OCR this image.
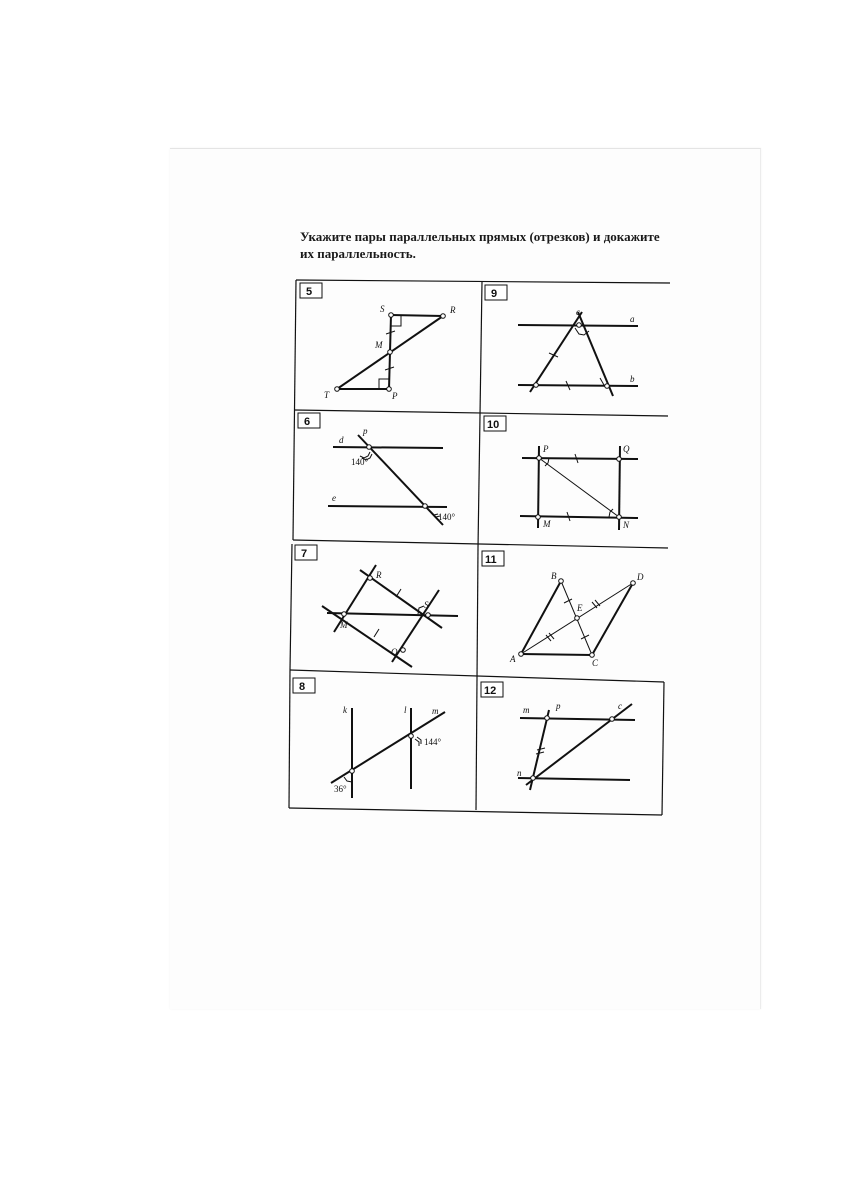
Укажите пары параллельных прямых (отрезков) и докажите
их параллельность.
5
S	R
M
T	P
9
c
a
b
6
d
p
e
140°
140°
10
P	Q
M	N
7
R
S
M
Q
11
B	D
E
A	C
8
k	l	m
144°
36°
12
m	p	c
n
